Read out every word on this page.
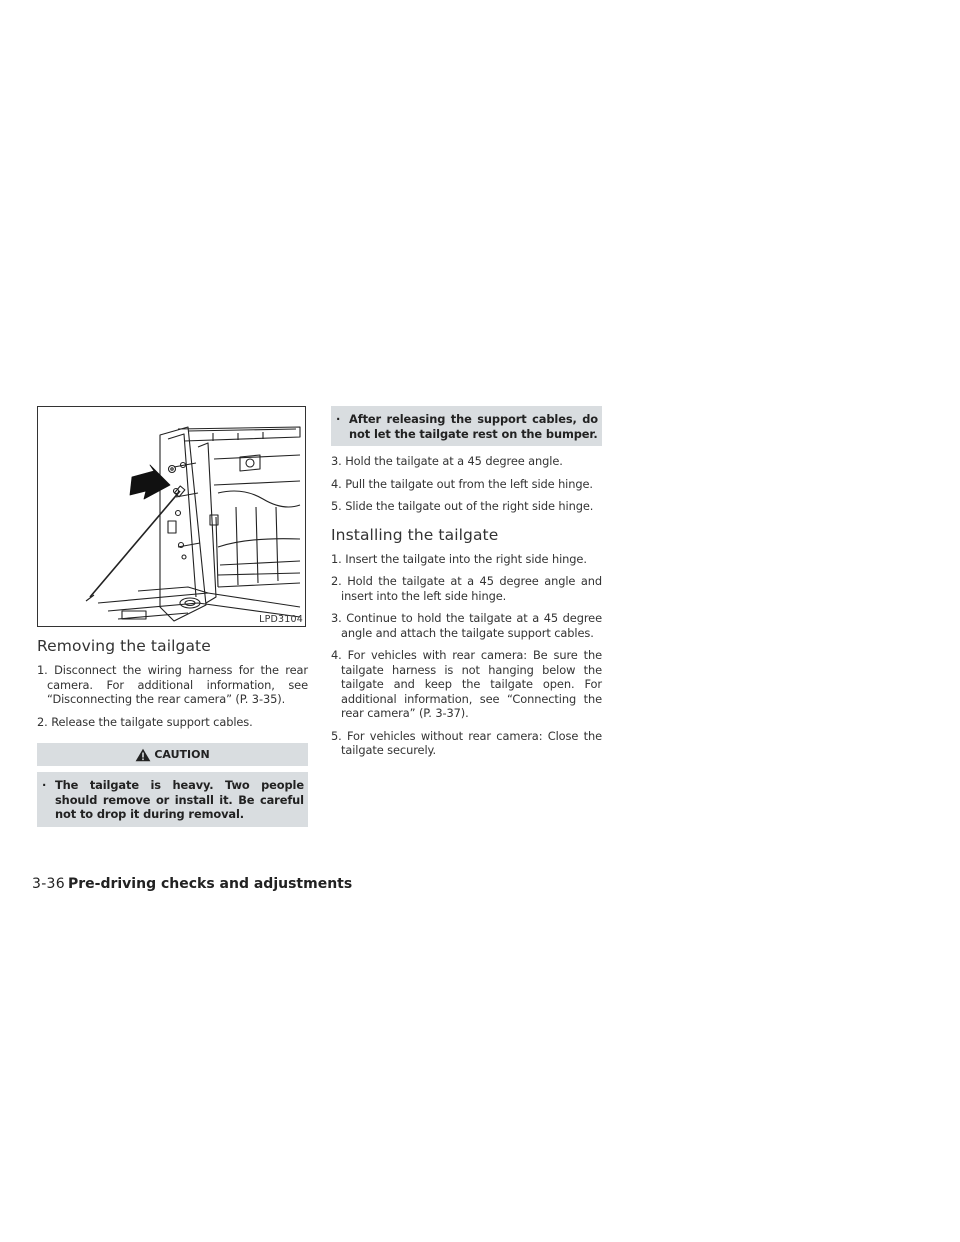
LPD3104
Removing the tailgate
1. Disconnect the wiring harness for the rear camera. For additional information, see “Disconnecting the rear camera” (P. 3-35).
2. Release the tailgate support cables.
CAUTION
· The tailgate is heavy. Two people should remove or install it. Be careful not to drop it during removal.
· After releasing the support cables, do not let the tailgate rest on the bumper.
3. Hold the tailgate at a 45 degree angle.
4. Pull the tailgate out from the left side hinge.
5. Slide the tailgate out of the right side hinge.
Installing the tailgate
1. Insert the tailgate into the right side hinge.
2. Hold the tailgate at a 45 degree angle and insert into the left side hinge.
3. Continue to hold the tailgate at a 45 degree angle and attach the tailgate support cables.
4. For vehicles with rear camera: Be sure the tailgate harness is not hanging below the tailgate and keep the tailgate open. For additional information, see “Connecting the rear camera” (P. 3-37).
5. For vehicles without rear camera: Close the tailgate securely.
3-36 Pre-driving checks and adjustments
